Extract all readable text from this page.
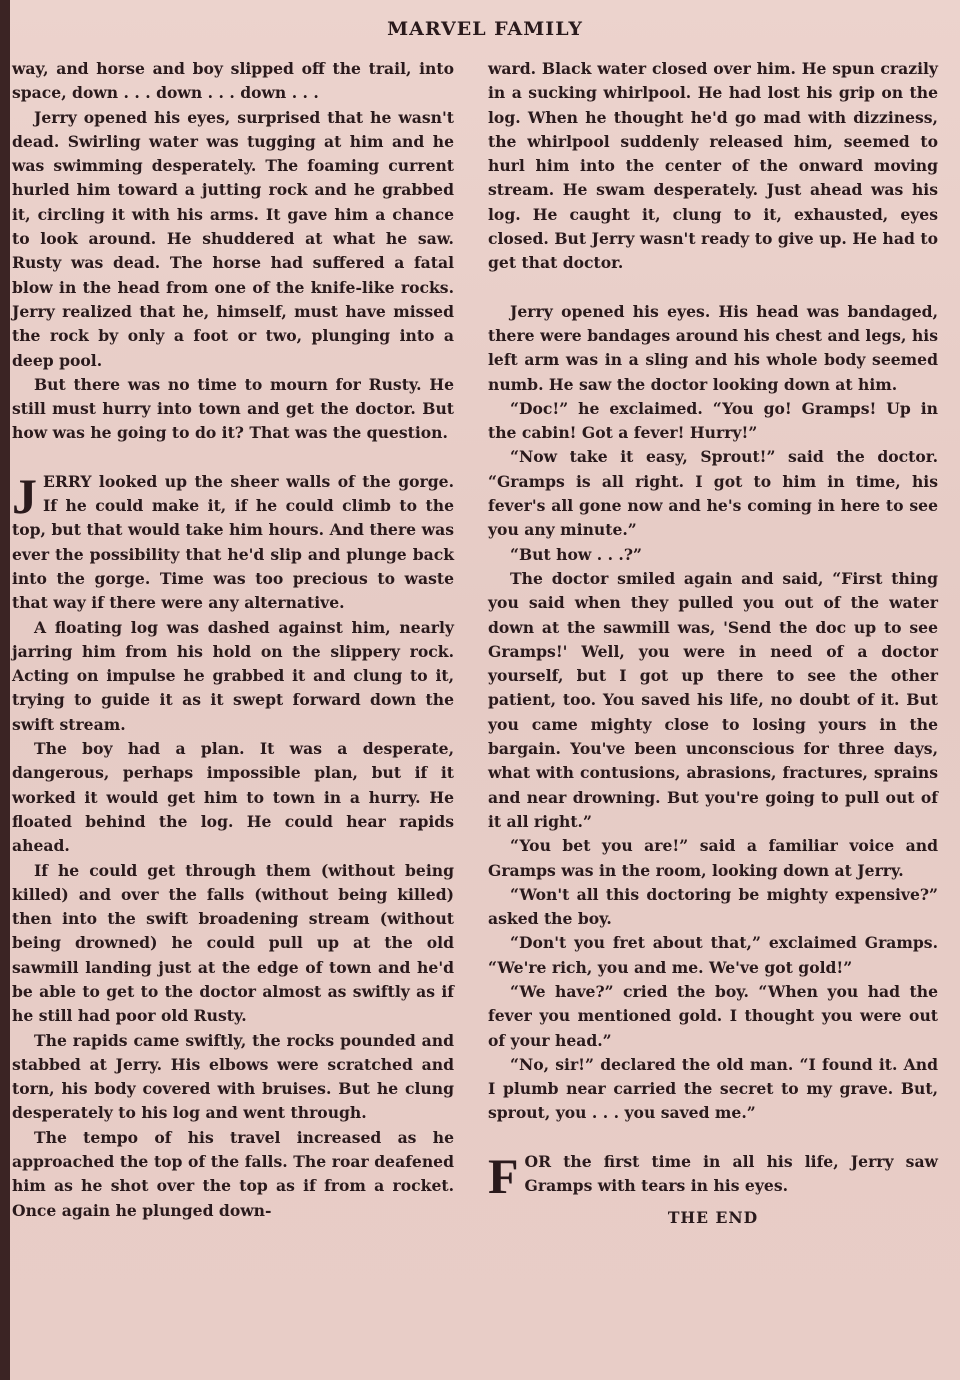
MARVEL FAMILY

way, and horse and boy slipped off the trail, into space, down . . . down . . . down . . .

Jerry opened his eyes, surprised that he wasn't dead. Swirling water was tugging at him and he was swimming desperately. The foaming current hurled him toward a jutting rock and he grabbed it, circling it with his arms. It gave him a chance to look around. He shuddered at what he saw. Rusty was dead. The horse had suffered a fatal blow in the head from one of the knife-like rocks. Jerry realized that he, himself, must have missed the rock by only a foot or two, plunging into a deep pool.

But there was no time to mourn for Rusty. He still must hurry into town and get the doctor. But how was he going to do it? That was the question.

JERRY looked up the sheer walls of the gorge. If he could make it, if he could climb to the top, but that would take him hours. And there was ever the possibility that he'd slip and plunge back into the gorge. Time was too precious to waste that way if there were any alternative.

A floating log was dashed against him, nearly jarring him from his hold on the slippery rock. Acting on impulse he grabbed it and clung to it, trying to guide it as it swept forward down the swift stream.

The boy had a plan. It was a desperate, dangerous, perhaps impossible plan, but if it worked it would get him to town in a hurry. He floated behind the log. He could hear rapids ahead.

If he could get through them (without being killed) and over the falls (without being killed) then into the swift broadening stream (without being drowned) he could pull up at the old sawmill landing just at the edge of town and he'd be able to get to the doctor almost as swiftly as if he still had poor old Rusty.

The rapids came swiftly, the rocks pounded and stabbed at Jerry. His elbows were scratched and torn, his body covered with bruises. But he clung desperately to his log and went through.

The tempo of his travel increased as he approached the top of the falls. The roar deafened him as he shot over the top as if from a rocket. Once again he plunged down-

ward. Black water closed over him. He spun crazily in a sucking whirlpool. He had lost his grip on the log. When he thought he'd go mad with dizziness, the whirlpool suddenly released him, seemed to hurl him into the center of the onward moving stream. He swam desperately. Just ahead was his log. He caught it, clung to it, exhausted, eyes closed. But Jerry wasn't ready to give up. He had to get that doctor.

Jerry opened his eyes. His head was bandaged, there were bandages around his chest and legs, his left arm was in a sling and his whole body seemed numb. He saw the doctor looking down at him.

“Doc!” he exclaimed. “You go! Gramps! Up in the cabin! Got a fever! Hurry!”

“Now take it easy, Sprout!” said the doctor. “Gramps is all right. I got to him in time, his fever's all gone now and he's coming in here to see you any minute.”

“But how . . .?”

The doctor smiled again and said, “First thing you said when they pulled you out of the water down at the sawmill was, 'Send the doc up to see Gramps!' Well, you were in need of a doctor yourself, but I got up there to see the other patient, too. You saved his life, no doubt of it. But you came mighty close to losing yours in the bargain. You've been unconscious for three days, what with contusions, abrasions, fractures, sprains and near drowning. But you're going to pull out of it all right.”

“You bet you are!” said a familiar voice and Gramps was in the room, looking down at Jerry.

“Won't all this doctoring be mighty expensive?” asked the boy.

“Don't you fret about that,” exclaimed Gramps. “We're rich, you and me. We've got gold!”

“We have?” cried the boy. “When you had the fever you mentioned gold. I thought you were out of your head.”

“No, sir!” declared the old man. “I found it. And I plumb near carried the secret to my grave. But, sprout, you . . . you saved me.”

FOR the first time in all his life, Jerry saw Gramps with tears in his eyes.

THE END
